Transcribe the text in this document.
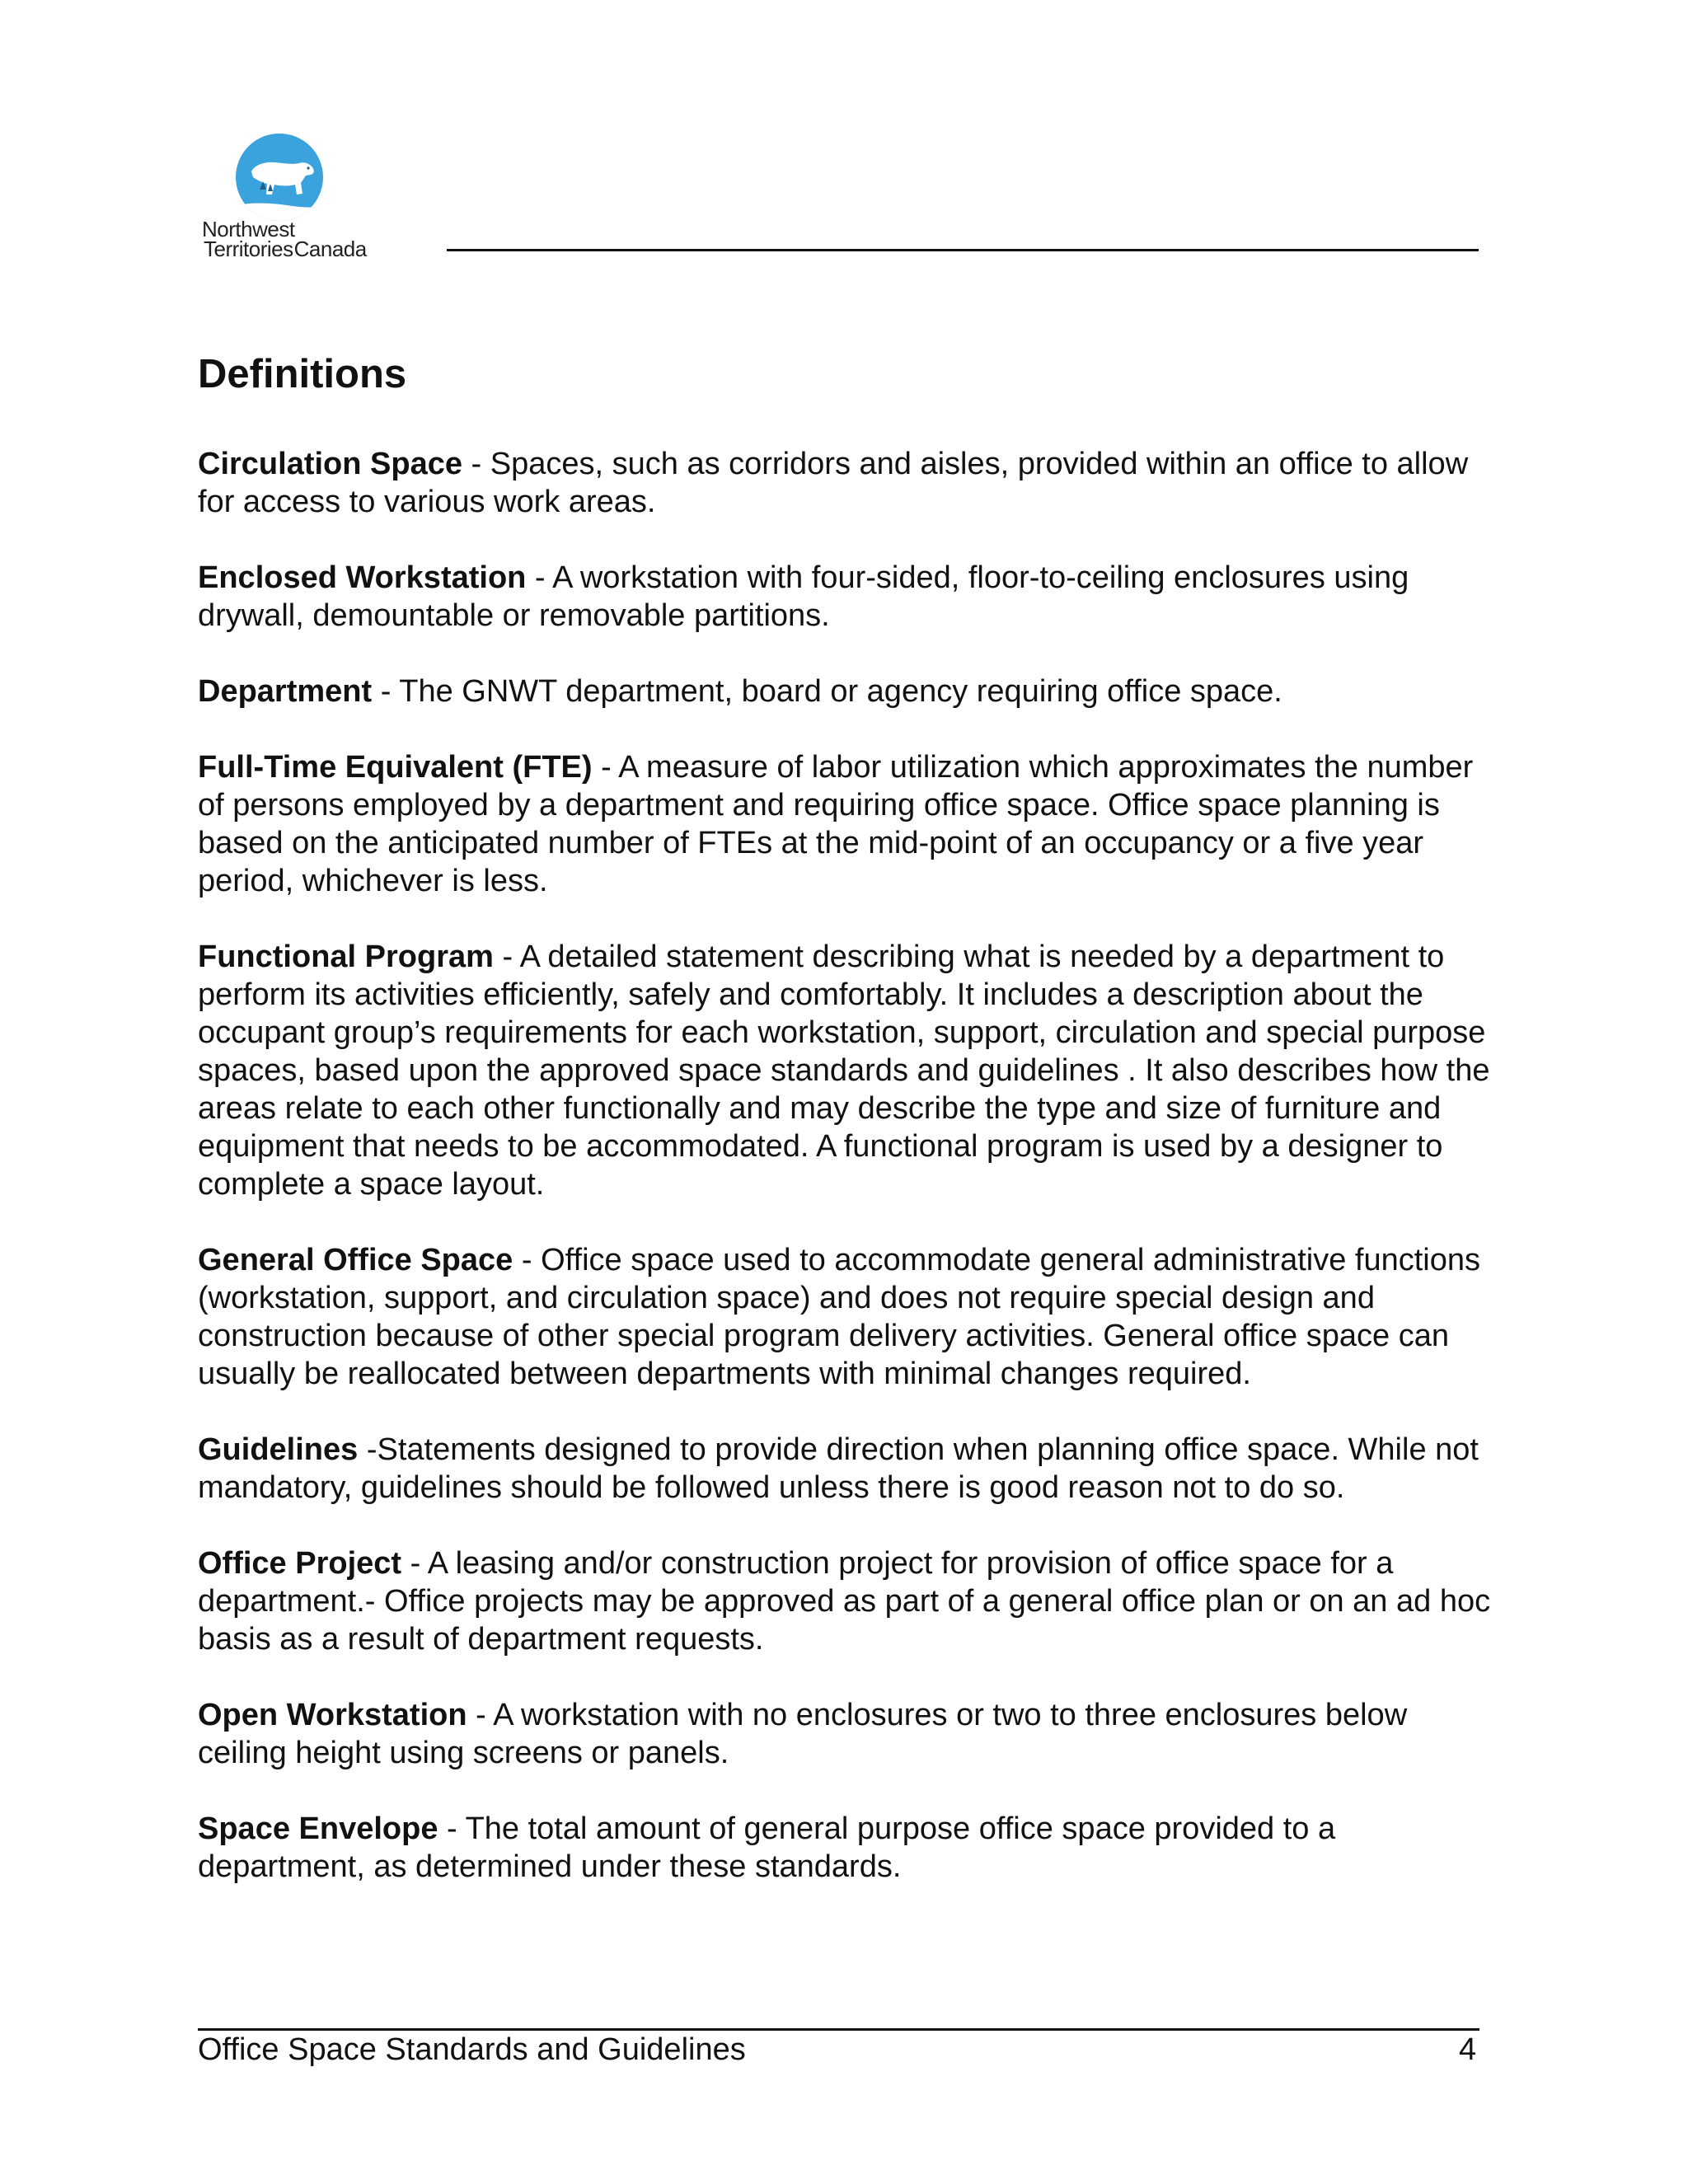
Northwest
TerritoriesCanada
Definitions

Circulation Space - Spaces, such as corridors and aisles, provided within an office to allow for access to various work areas.

Enclosed Workstation - A workstation with four-sided, floor-to-ceiling enclosures using drywall, demountable or removable partitions.

Department - The GNWT department, board or agency requiring office space.

Full-Time Equivalent (FTE) - A measure of labor utilization which approximates the number of persons employed by a department and requiring office space. Office space planning is based on the anticipated number of FTEs at the mid-point of an occupancy or a five year period, whichever is less.

Functional Program - A detailed statement describing what is needed by a department to perform its activities efficiently, safely and comfortably. It includes a description about the occupant group’s requirements for each workstation, support, circulation and special purpose spaces, based upon the approved space standards and guidelines . It also describes how the areas relate to each other functionally and may describe the type and size of furniture and equipment that needs to be accommodated. A functional program is used by a designer to complete a space layout.

General Office Space - Office space used to accommodate general administrative functions (workstation, support, and circulation space) and does not require special design and construction because of other special program delivery activities. General office space can usually be reallocated between departments with minimal changes required.

Guidelines -Statements designed to provide direction when planning office space. While not mandatory, guidelines should be followed unless there is good reason not to do so.

Office Project - A leasing and/or construction project for provision of office space for a department.- Office projects may be approved as part of a general office plan or on an ad hoc basis as a result of department requests.

Open Workstation - A workstation with no enclosures or two to three enclosures below ceiling height using screens or panels.

Space Envelope - The total amount of general purpose office space provided to a department, as determined under these standards.

Office Space Standards and Guidelines	4
